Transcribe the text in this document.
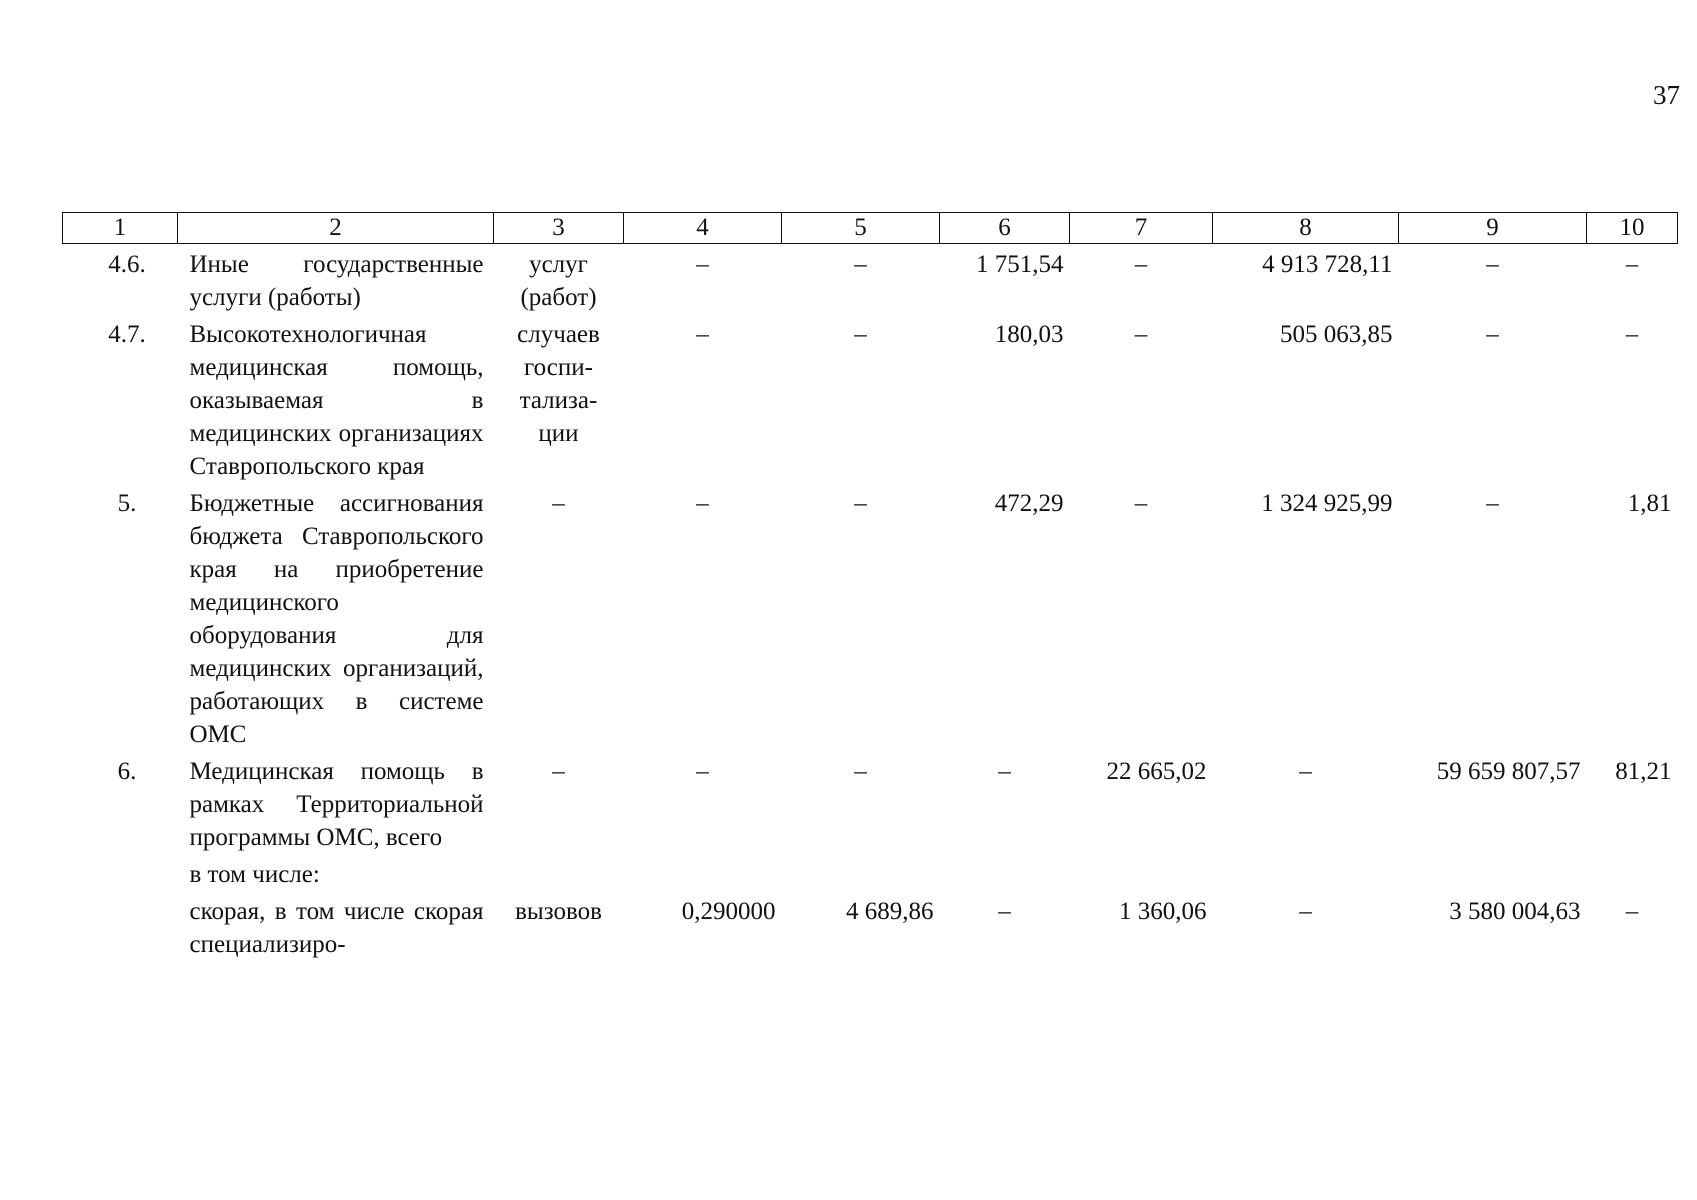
37
1	2	3	4	5	6	7	8	9	10
4.6.	Иные государственные услуги (работы)	услуг (работ)	–	–	1 751,54	–	4 913 728,11	–	–
4.7.	Высокотехнологичная медицинская помощь, оказываемая в медицинских организациях Ставропольского края	случаев госпи- тализа- ции	–	–	180,03	–	505 063,85	–	–
5.	Бюджетные ассигнования бюджета Ставропольского края на приобретение медицинского оборудования для медицинских организаций, работающих в системе ОМС	–	–	–	472,29	–	1 324 925,99	–	1,81
6.	Медицинская помощь в рамках Территориальной программы ОМС, всего	–	–	–	–	22 665,02	–	59 659 807,57	81,21
	в том числе:								
	скорая, в том числе скорая специализиро-	вызовов	0,290000	4 689,86	–	1 360,06	–	3 580 004,63	–
